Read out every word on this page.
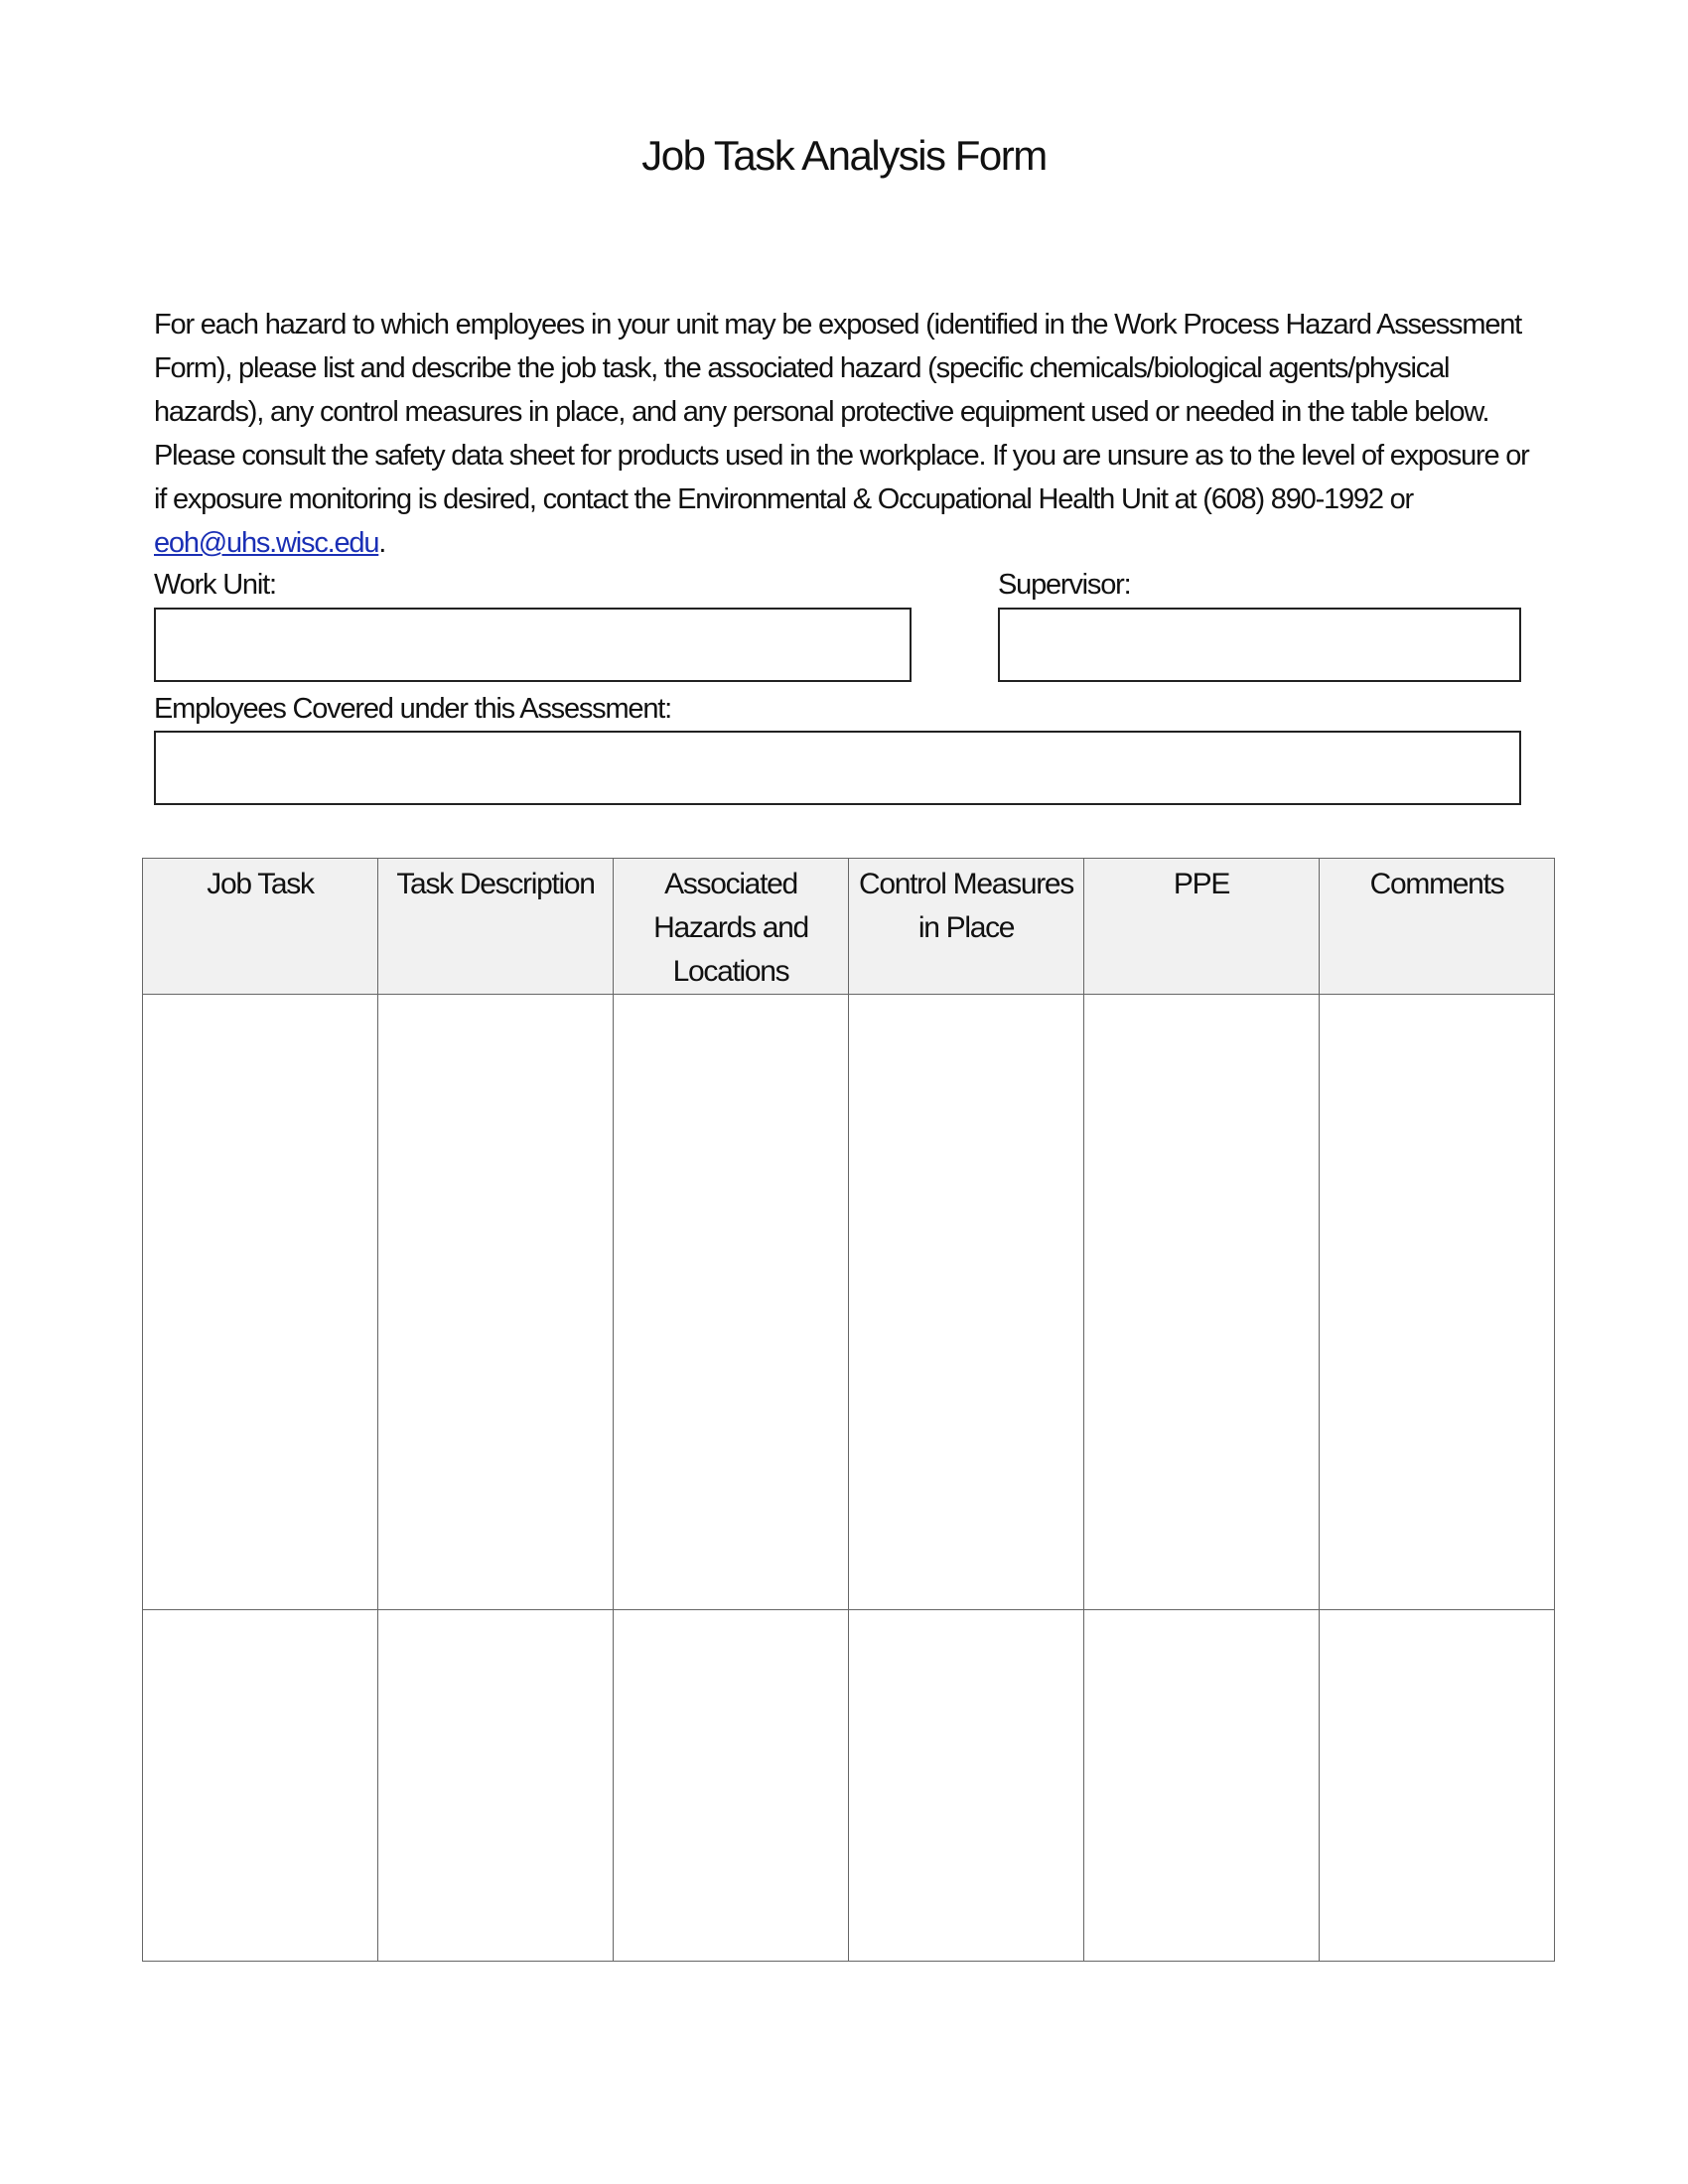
Job Task Analysis Form

For each hazard to which employees in your unit may be exposed (identified in the Work Process Hazard Assessment Form), please list and describe the job task, the associated hazard (specific chemicals/biological agents/physical hazards), any control measures in place, and any personal protective equipment used or needed in the table below. Please consult the safety data sheet for products used in the workplace. If you are unsure as to the level of exposure or if exposure monitoring is desired, contact the Environmental & Occupational Health Unit at (608) 890-1992 or eoh@uhs.wisc.edu.

Work Unit:	Supervisor:
Employees Covered under this Assessment:
Job Task	Task Description	Associated Hazards and Locations	Control Measures in Place	PPE	Comments
